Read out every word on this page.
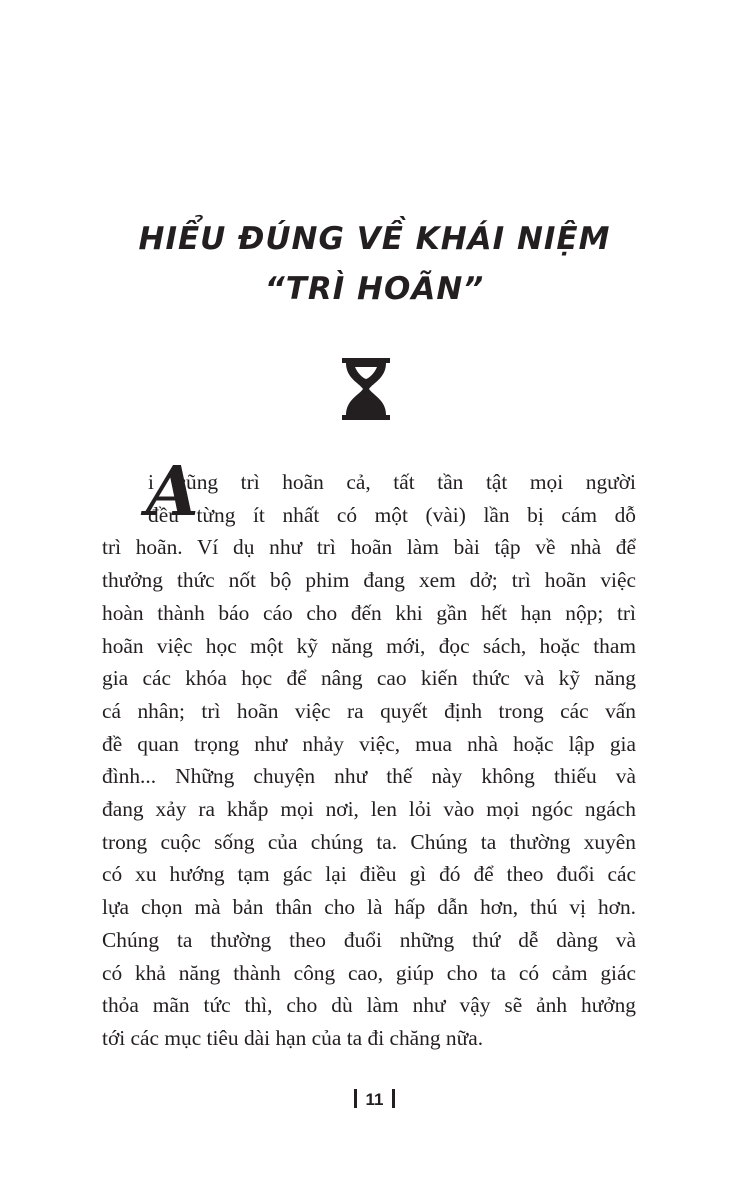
HIỂU ĐÚNG VỀ KHÁI NIỆM
“TRÌ HOÃN”
A

i cũng trì hoãn cả, tất tần tật mọi người
đều từng ít nhất có một (vài) lần bị cám dỗ
trì hoãn. Ví dụ như trì hoãn làm bài tập về nhà để
thưởng thức nốt bộ phim đang xem dở; trì hoãn việc
hoàn thành báo cáo cho đến khi gần hết hạn nộp; trì
hoãn việc học một kỹ năng mới, đọc sách, hoặc tham
gia các khóa học để nâng cao kiến thức và kỹ năng
cá nhân; trì hoãn việc ra quyết định trong các vấn
đề quan trọng như nhảy việc, mua nhà hoặc lập gia
đình... Những chuyện như thế này không thiếu và
đang xảy ra khắp mọi nơi, len lỏi vào mọi ngóc ngách
trong cuộc sống của chúng ta. Chúng ta thường xuyên
có xu hướng tạm gác lại điều gì đó để theo đuổi các
lựa chọn mà bản thân cho là hấp dẫn hơn, thú vị hơn.
Chúng ta thường theo đuổi những thứ dễ dàng và
có khả năng thành công cao, giúp cho ta có cảm giác
thỏa mãn tức thì, cho dù làm như vậy sẽ ảnh hưởng
tới các mục tiêu dài hạn của ta đi chăng nữa.

11
